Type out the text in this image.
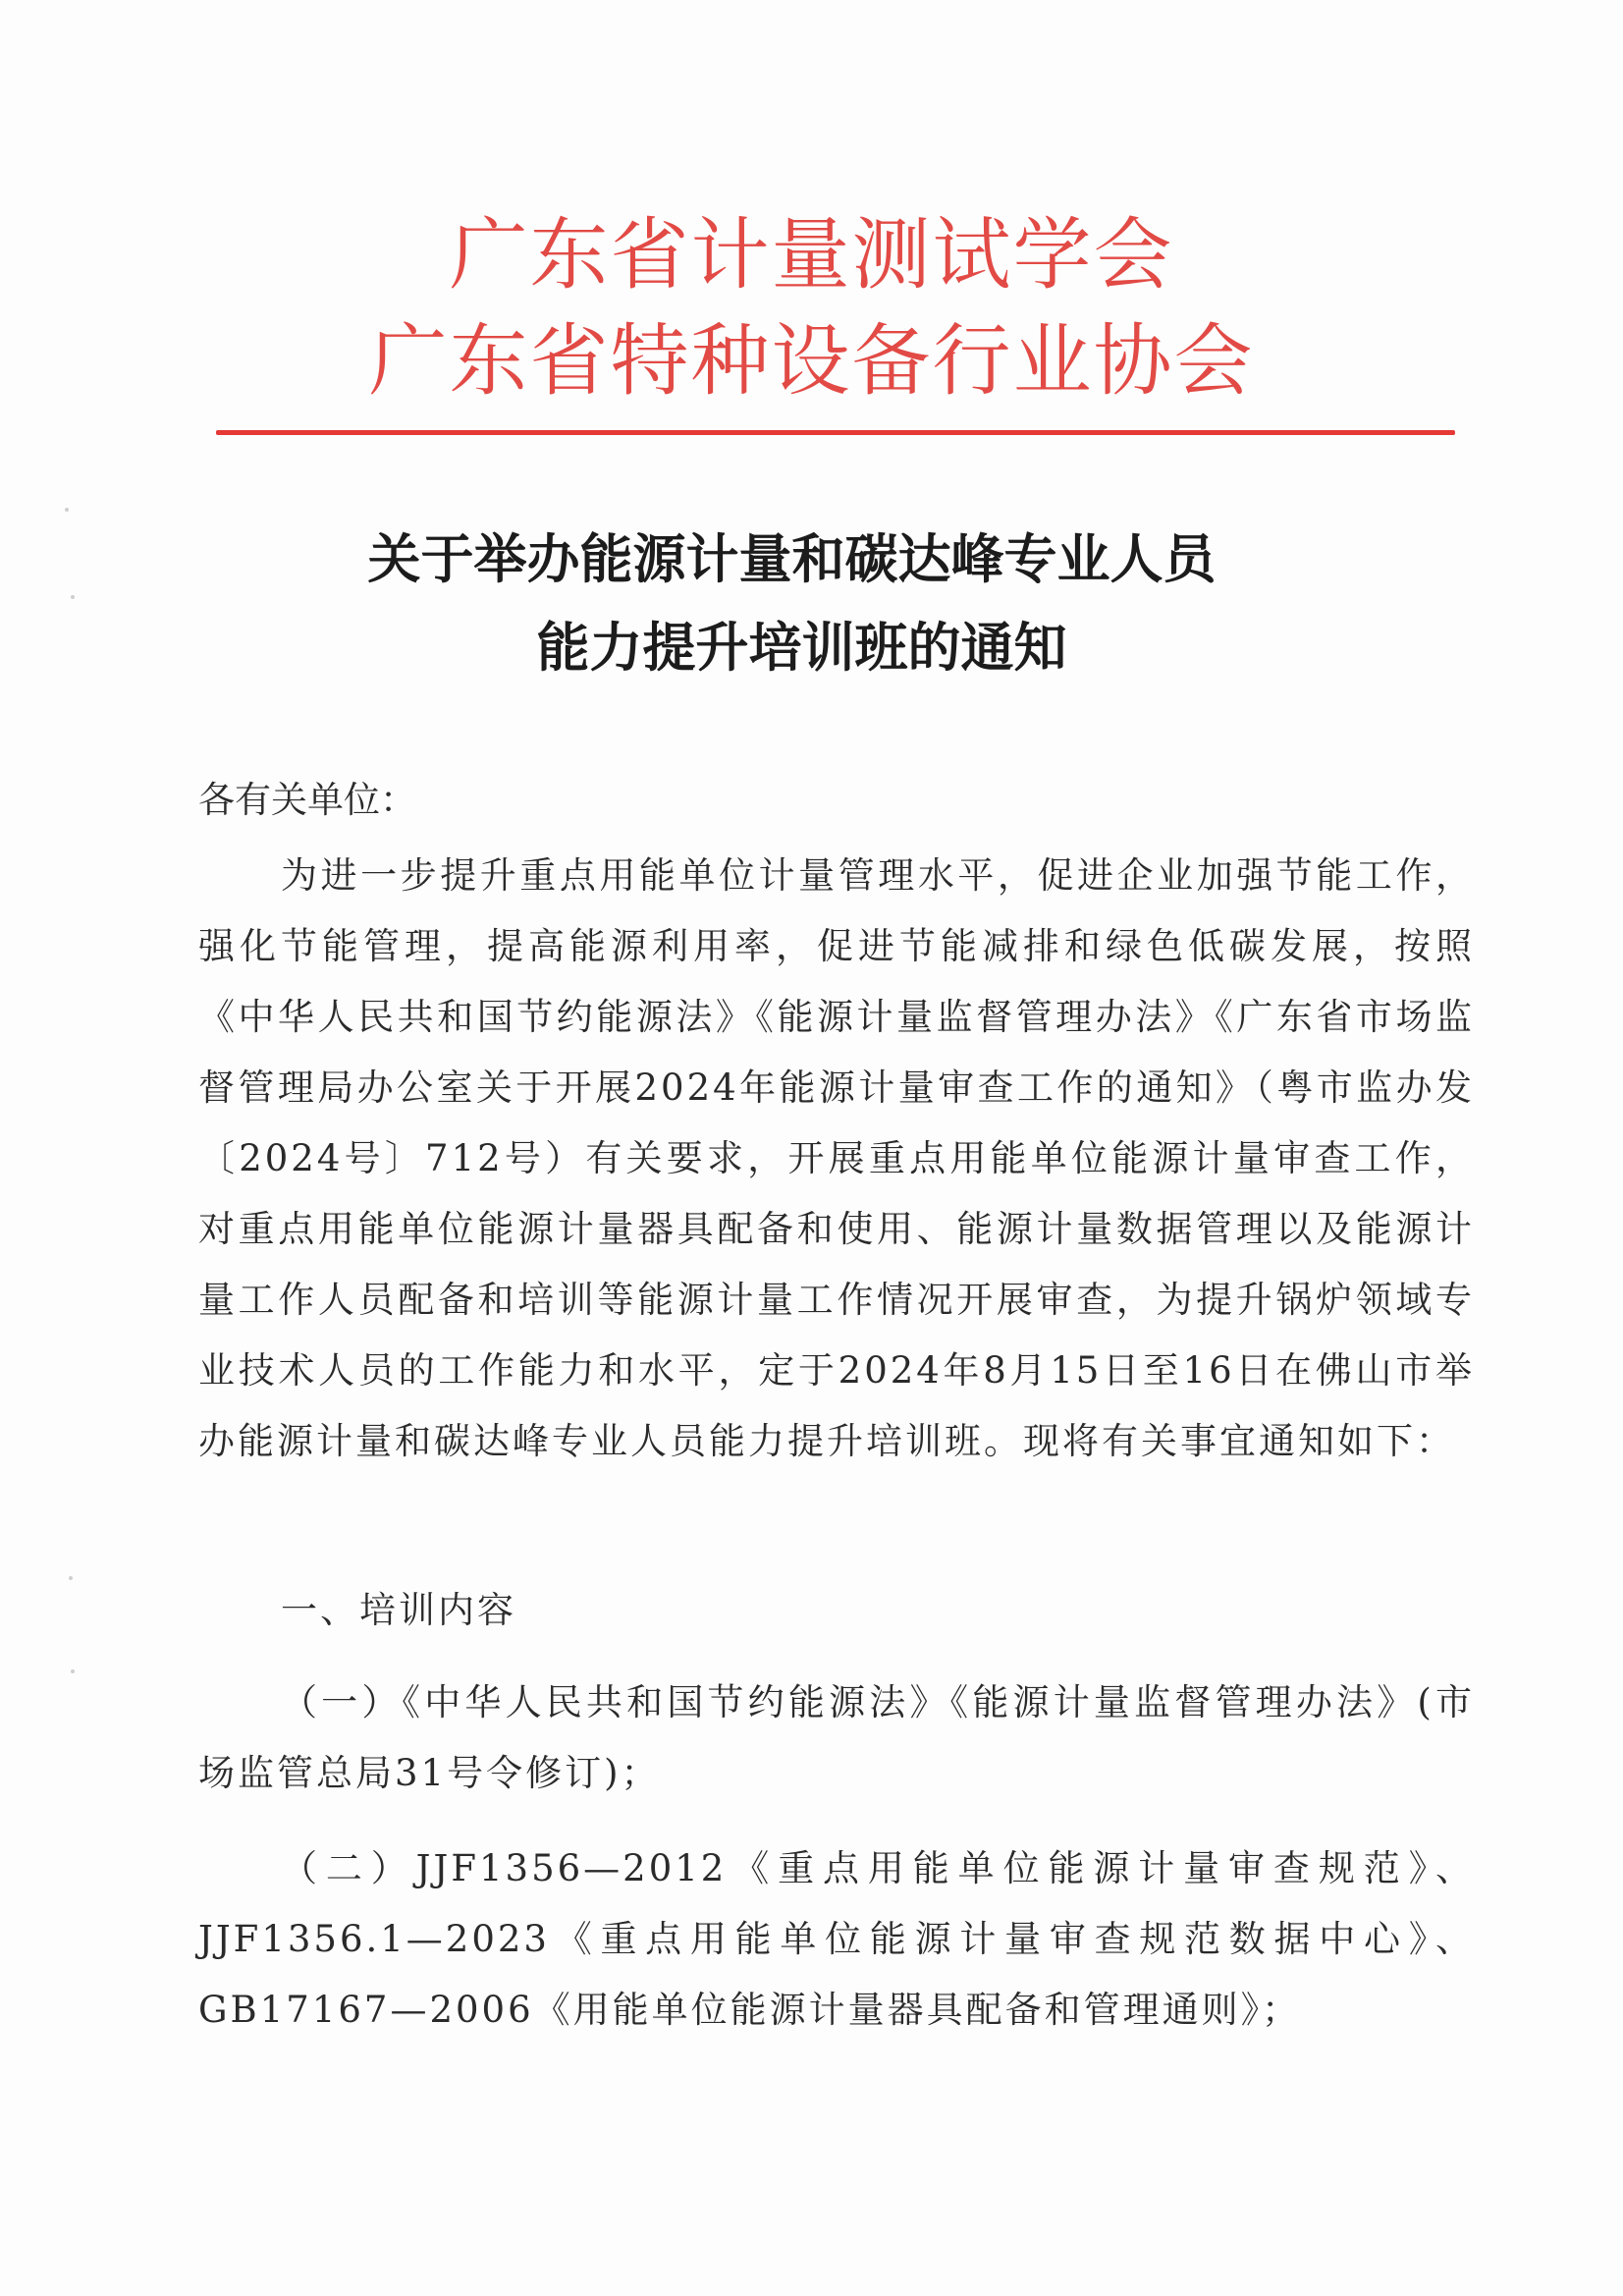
广东省计量测试学会
广东省特种设备行业协会
关于举办能源计量和碳达峰专业人员
能力提升培训班的通知
各有关单位：

为进一步提升重点用能单位计量管理水平，促进企业加强节能工作，强化节能管理，提高能源利用率，促进节能减排和绿色低碳发展，按照《中华人民共和国节约能源法》《能源计量监督管理办法》《广东省市场监督管理局办公室关于开展2024年能源计量审查工作的通知》（粤市监办发〔2024号〕712号）有关要求，开展重点用能单位能源计量审查工作，对重点用能单位能源计量器具配备和使用、能源计量数据管理以及能源计量工作人员配备和培训等能源计量工作情况开展审查，为提升锅炉领域专业技术人员的工作能力和水平，定于2024年8月15日至16日在佛山市举办能源计量和碳达峰专业人员能力提升培训班。现将有关事宜通知如下：

一、培训内容

（一）《中华人民共和国节约能源法》《能源计量监督管理办法》(市场监管总局31号令修订)；

（二）JJF1356—2012《重点用能单位能源计量审查规范》、JJF1356.1—2023《重点用能单位能源计量审查规范数据中心》、GB17167—2006《用能单位能源计量器具配备和管理通则》；
